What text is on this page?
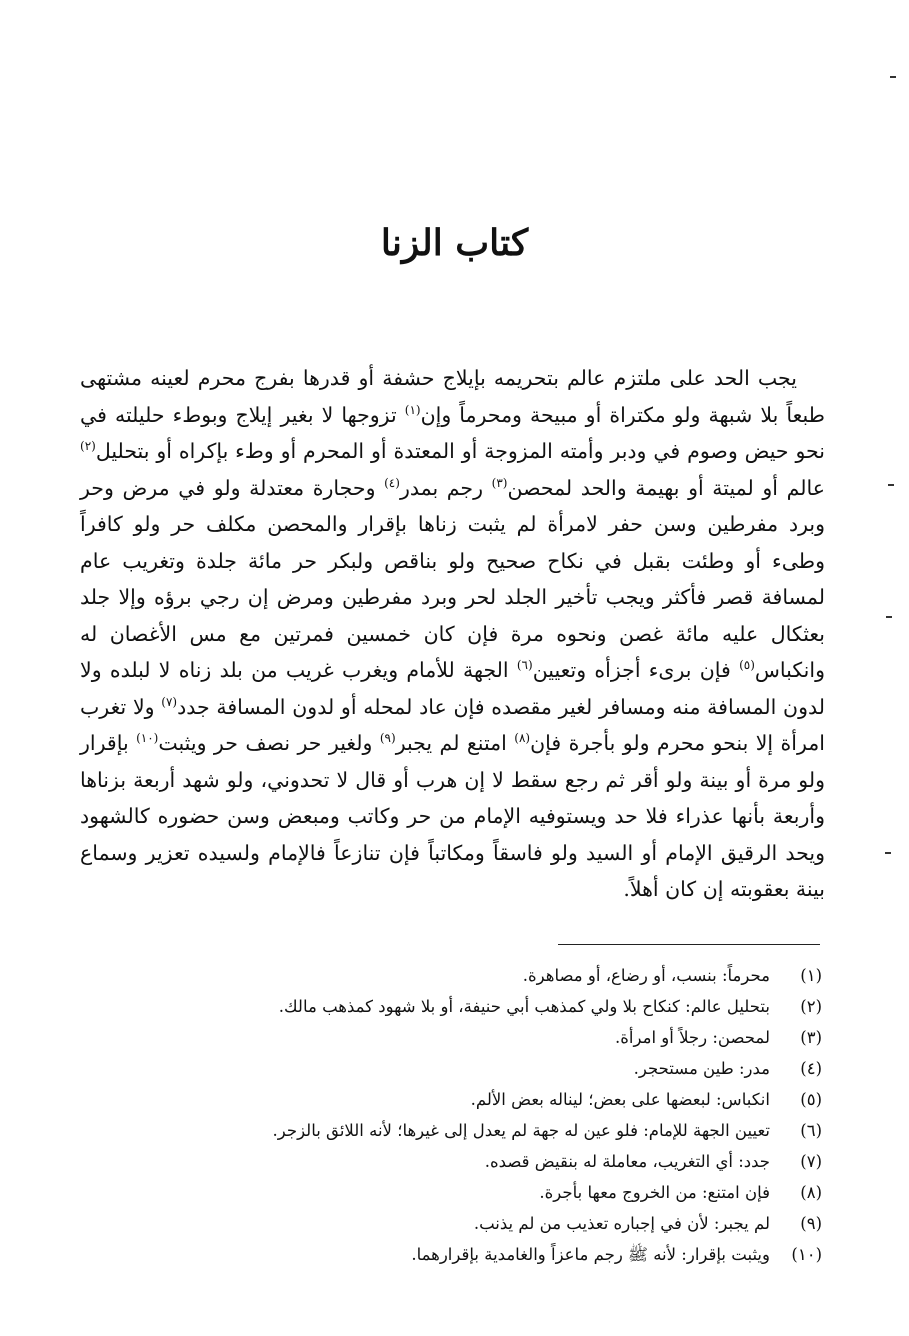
كتاب الزنا

يجب الحد على ملتزم عالم بتحريمه بإيلاج حشفة أو قدرها بفرج محرم لعينه مشتهى طبعاً بلا شبهة ولو مكتراة أو مبيحة ومحرماً وإن$^{(١)}$ تزوجها لا بغير إيلاج وبوطء حليلته في نحو حيض وصوم في ودبر وأمته المزوجة أو المعتدة أو المحرم أو وطء بإكراه أو بتحليل$^{(٢)}$ عالم أو لميتة أو بهيمة والحد لمحصن$^{(٣)}$ رجم بمدر$^{(٤)}$ وحجارة معتدلة ولو في مرض وحر وبرد مفرطين وسن حفر لامرأة لم يثبت زناها بإقرار والمحصن مكلف حر ولو كافراً وطىء أو وطئت بقبل في نكاح صحيح ولو بناقص ولبكر حر مائة جلدة وتغريب عام لمسافة قصر فأكثر ويجب تأخير الجلد لحر وبرد مفرطين ومرض إن رجي برؤه وإلا جلد بعثكال عليه مائة غصن ونحوه مرة فإن كان خمسين فمرتين مع مس الأغصان له وانكباس$^{(٥)}$ فإن برىء أجزأه وتعيين$^{(٦)}$ الجهة للأمام ويغرب غريب من بلد زناه لا لبلده ولا لدون المسافة منه ومسافر لغير مقصده فإن عاد لمحله أو لدون المسافة جدد$^{(٧)}$ ولا تغرب امرأة إلا بنحو محرم ولو بأجرة فإن$^{(٨)}$ امتنع لم يجبر$^{(٩)}$ ولغير حر نصف حر ويثبت$^{(١٠)}$ بإقرار ولو مرة أو بينة ولو أقر ثم رجع سقط لا إن هرب أو قال لا تحدوني، ولو شهد أربعة بزناها وأربعة بأنها عذراء فلا حد ويستوفيه الإمام من حر وكاتب ومبعض وسن حضوره كالشهود ويحد الرقيق الإمام أو السيد ولو فاسقاً ومكاتباً فإن تنازعاً فالإمام ولسيده تعزير وسماع بينة بعقوبته إن كان أهلاً.

(١)
محرماً: بنسب، أو رضاع، أو مصاهرة.
(٢)
بتحليل عالم: كنكاح بلا ولي كمذهب أبي حنيفة، أو بلا شهود كمذهب مالك.
(٣)
لمحصن: رجلاً أو امرأة.
(٤)
مدر: طين مستحجر.
(٥)
انكباس: لبعضها على بعض؛ ليناله بعض الألم.
(٦)
تعيين الجهة للإمام: فلو عين له جهة لم يعدل إلى غيرها؛ لأنه اللائق بالزجر.
(٧)
جدد: أي التغريب، معاملة له بنقيض قصده.
(٨)
فإن امتنع: من الخروج معها بأجرة.
(٩)
لم يجبر: لأن في إجباره تعذيب من لم يذنب.
(١٠)
ويثبت بإقرار: لأنه ﷺ رجم ماعزاً والغامدية بإقرارهما.
